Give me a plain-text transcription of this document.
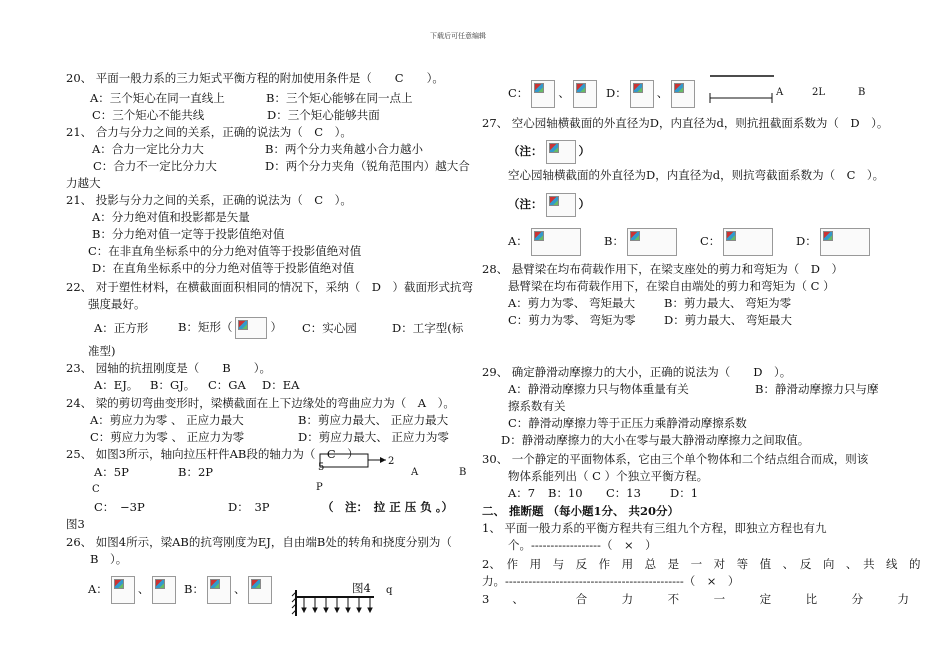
下载后可任意编辑
20、 平面一般力系的三力矩式平衡方程的附加使用条件是（　　C　　）。
A：三个矩心在同一直线上	B：三个矩心能够在同一点上
C：三个矩心不能共线	D：三个矩心能够共面
21、 合力与分力之间的关系，正确的说法为（　C　）。
A：合力一定比分力大	B：两个分力夹角越小合力越小
C：合力不一定比分力大	D：两个分力夹角（锐角范围内）越大合
力越大
21、 投影与分力之间的关系，正确的说法为（　C　）。
A：分力绝对值和投影都是矢量
B：分力绝对值一定等于投影值绝对值
C：在非直角坐标系中的分力绝对值等于投影值绝对值
D：在直角坐标系中的分力绝对值等于投影值绝对值
22、 对于塑性材料，在横截面面积相同的情况下，采纳（　D　）截面形式抗弯
强度最好。
A：正方形	B：矩形（	） C：实心园	D：工字型(标
准型)
23、 园轴的抗扭刚度是（　　B　　）。
A：EJ。 B：GJ。 C：GA D：EA
24、 梁的剪切弯曲变形时，梁横截面在上下边缘处的弯曲应力为（　A　）。
A：剪应力为零 、 正应力最大	B：剪应力最大、 正应力最大
C：剪应力为零 、 正应力为零	D：剪应力最大、 正应力为零
25、 如图3所示，轴向拉压杆件AB段的轴力为（　C　）
5
2
A	B
A：5P	B：2P
C	P
C：　−3P	D：　3P	（　注：　拉 正 压 负 。）
图3
26、 如图4所示，梁AB的抗弯刚度为EJ，自由端B处的转角和挠度分别为（
B　）。
A：	、	B：	、	图4 q
C：	、	D：	、	A	2L	B
27、 空心园轴横截面的外直径为D，内直径为d，则抗扭截面系数为（　D　）。
（注：	）
空心园轴横截面的外直径为D，内直径为d，则抗弯截面系数为（　C　）。
（注：	）
A：	B：	C：	D：
28、 悬臂梁在均布荷载作用下，在梁支座处的剪力和弯矩为（　D　）
悬臂梁在均布荷载作用下，在梁自由端处的剪力和弯矩为（ C ）
A：剪力为零、 弯矩最大	B：剪力最大、 弯矩为零
C：剪力为零、 弯矩为零 D：剪力最大、 弯矩最大
29、 确定静滑动摩擦力的大小，正确的说法为（　　D　）。
A：静滑动摩擦力只与物体重量有关	B：静滑动摩擦力只与摩
擦系数有关
C：静滑动摩擦力等于正压力乘静滑动摩擦系数
D：静滑动摩擦力的大小在零与最大静滑动摩擦力之间取值。
30、 一个静定的平面物体系，它由三个单个物体和二个结点组合而成，则该
物体系能列出（ C ）个独立平衡方程。
A：7 B：10 C：13	D：1
二、 推断题 （每小题1分、 共20分）
1、 平面一般力系的平衡方程共有三组九个方程，即独立方程也有九
个。------------------（　×　）
2、　作　用　与　反　作　用　总　是　一　对　等　值　、　反　向　、　共　线　的
力。----------------------------------------------（　×　）
3　　、　　　　　合　　　力　　　不　　　一　　　定　　　比　　　分　　　力
